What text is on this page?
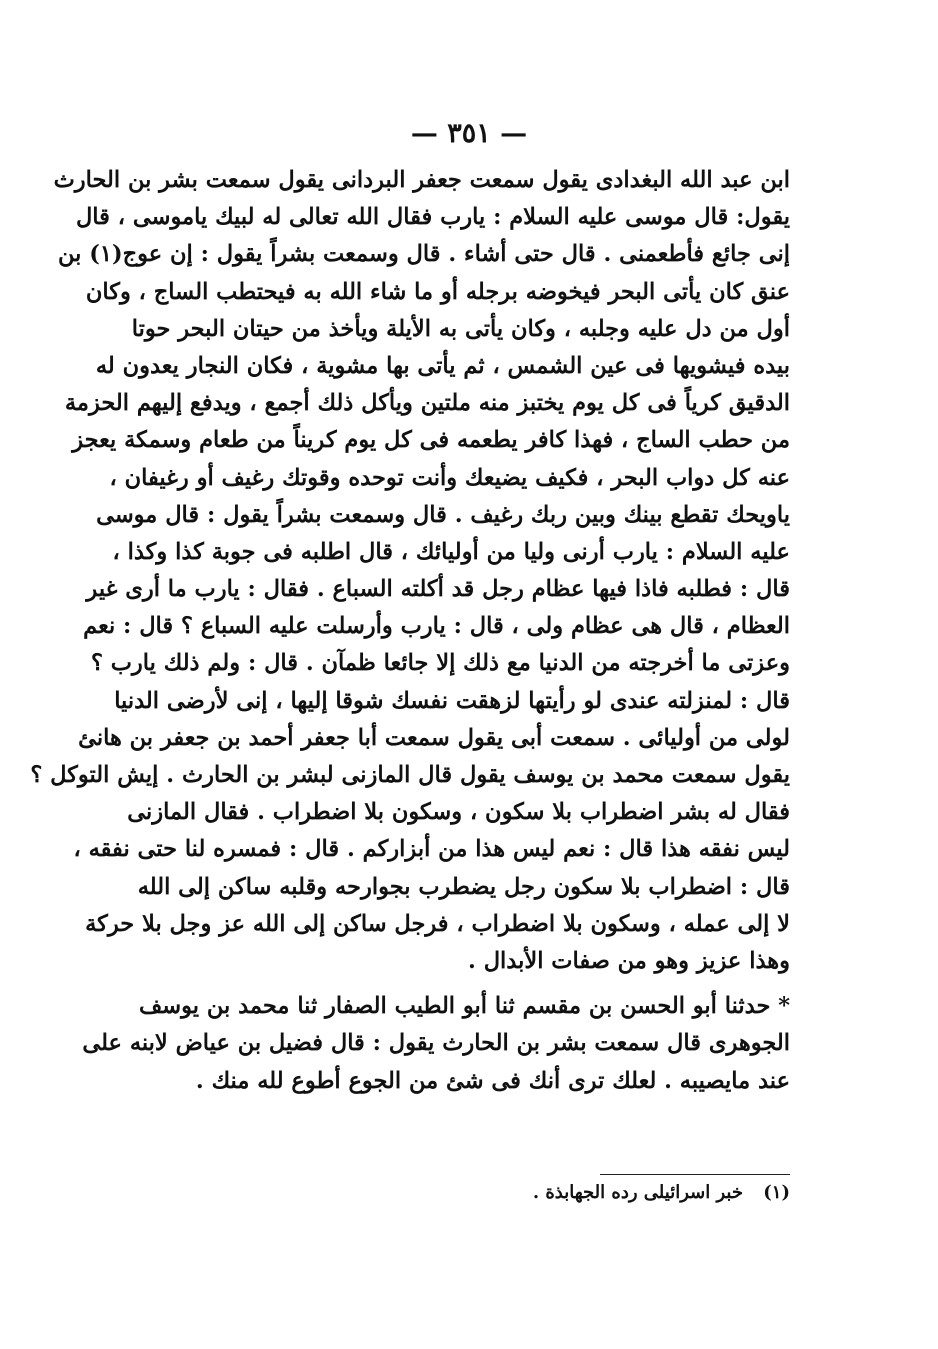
— ٣٥١ —
ابن عبد الله البغدادى يقول سمعت جعفر البردانى يقول سمعت بشر بن الحارث
يقول: قال موسى عليه السلام : يارب فقال الله تعالى له لبيك ياموسى ، قال
إنى جائع فأطعمنى . قال حتى أشاء . قال وسمعت بشراً يقول : إن عوج(١) بن
عنق كان يأتى البحر فيخوضه برجله أو ما شاء الله به فيحتطب الساج ، وكان
أول من دل عليه وجلبه ، وكان يأتى به الأيلة ويأخذ من حيتان البحر حوتا
بيده فيشويها فى عين الشمس ، ثم يأتى بها مشوية ، فكان النجار يعدون له
الدقيق كرياً فى كل يوم يختبز منه ملتين ويأكل ذلك أجمع ، ويدفع إليهم الحزمة
من حطب الساج ، فهذا كافر يطعمه فى كل يوم كريناً من طعام وسمكة يعجز
عنه كل دواب البحر ، فكيف يضيعك وأنت توحده وقوتك رغيف أو رغيفان ،
ياويحك تقطع بينك وبين ربك رغيف . قال وسمعت بشراً يقول : قال موسى
عليه السلام : يارب أرنى وليا من أوليائك ، قال اطلبه فى جوبة كذا وكذا ،
قال : فطلبه فاذا فيها عظام رجل قد أكلته السباع . فقال : يارب ما أرى غير
العظام ، قال هى عظام ولى ، قال : يارب وأرسلت عليه السباع ؟ قال : نعم
وعزتى ما أخرجته من الدنيا مع ذلك إلا جائعا ظمآن . قال : ولم ذلك يارب ؟
قال : لمنزلته عندى لو رأيتها لزهقت نفسك شوقا إليها ، إنى لأرضى الدنيا
لولى من أوليائى . سمعت أبى يقول سمعت أبا جعفر أحمد بن جعفر بن هانئ
يقول سمعت محمد بن يوسف يقول قال المازنى لبشر بن الحارث . إيش التوكل ؟
فقال له بشر اضطراب بلا سكون ، وسكون بلا اضطراب . فقال المازنى
ليس نفقه هذا قال : نعم ليس هذا من أبزاركم . قال : فمسره لنا حتى نفقه ،
قال : اضطراب بلا سكون رجل يضطرب بجوارحه وقلبه ساكن إلى الله
لا إلى عمله ، وسكون بلا اضطراب ، فرجل ساكن إلى الله عز وجل بلا حركة
وهذا عزيز وهو من صفات الأبدال .
* حدثنا أبو الحسن بن مقسم ثنا أبو الطيب الصفار ثنا محمد بن يوسف
الجوهرى قال سمعت بشر بن الحارث يقول : قال فضيل بن عياض لابنه على
عند مايصيبه . لعلك ترى أنك فى شئ من الجوع أطوع لله منك .
(١) خبر اسرائيلى رده الجهابذة .
